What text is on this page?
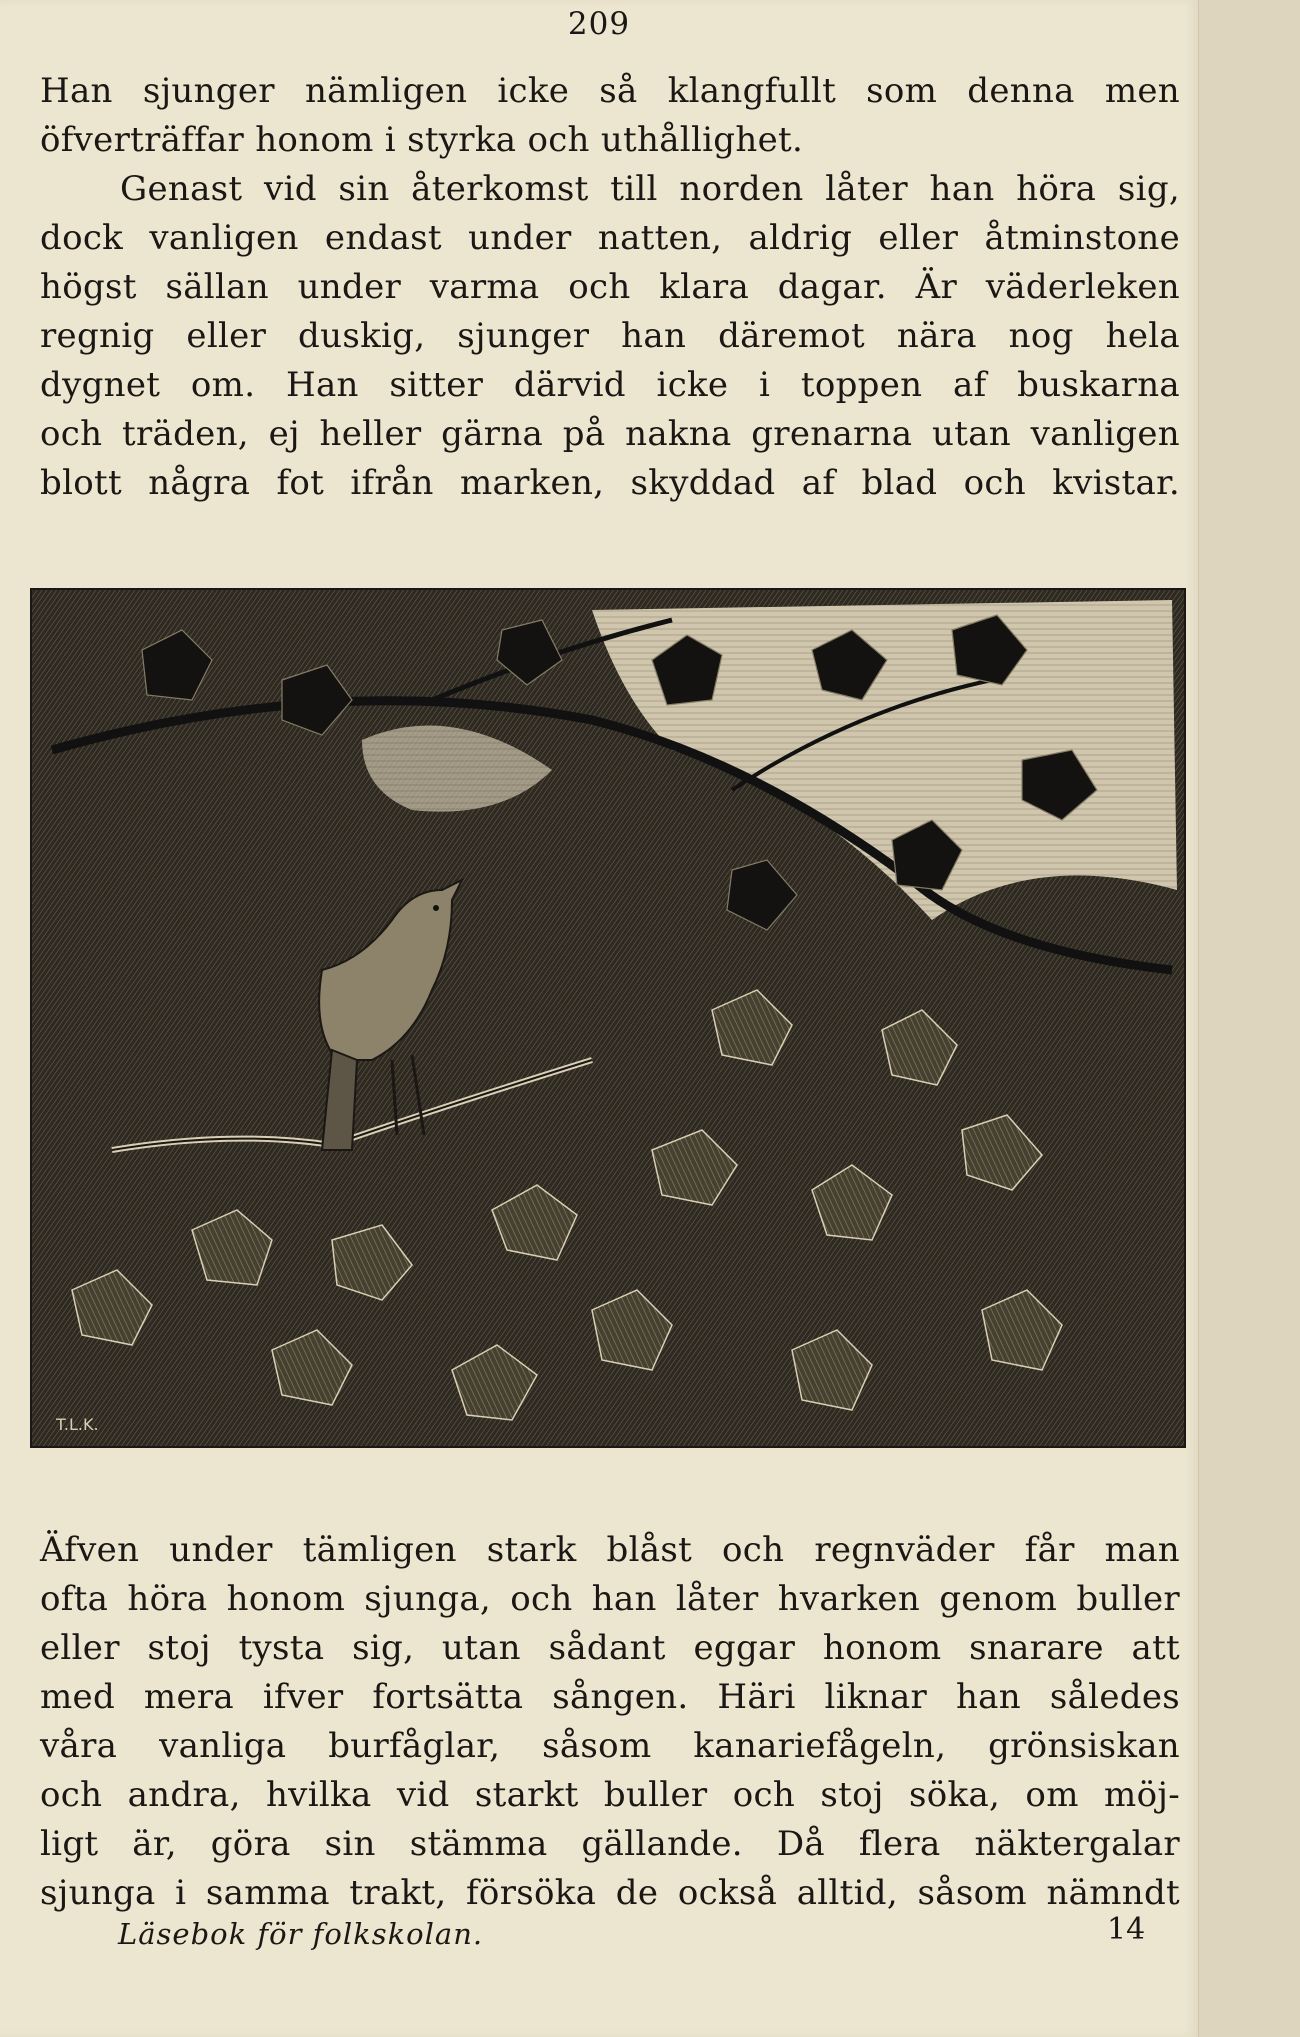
209
Han sjunger nämligen icke så klangfullt som denna men
öfverträffar honom i styrka och uthållighet.
Genast vid sin återkomst till norden låter han höra sig,
dock vanligen endast under natten, aldrig eller åtminstone
högst sällan under varma och klara dagar. Är väderleken
regnig eller duskig, sjunger han däremot nära nog hela
dygnet om. Han sitter därvid icke i toppen af buskarna
och träden, ej heller gärna på nakna grenarna utan vanligen
blott några fot ifrån marken, skyddad af blad och kvistar.
T.L.K.
Äfven under tämligen stark blåst och regnväder får man
ofta höra honom sjunga, och han låter hvarken genom buller
eller stoj tysta sig, utan sådant eggar honom snarare att
med mera ifver fortsätta sången. Häri liknar han således
våra vanliga burfåglar, såsom kanariefågeln, grönsiskan
och andra, hvilka vid starkt buller och stoj söka, om möj-
ligt är, göra sin stämma gällande. Då flera näktergalar
sjunga i samma trakt, försöka de också alltid, såsom nämndt
Läsebok för folkskolan.	14
